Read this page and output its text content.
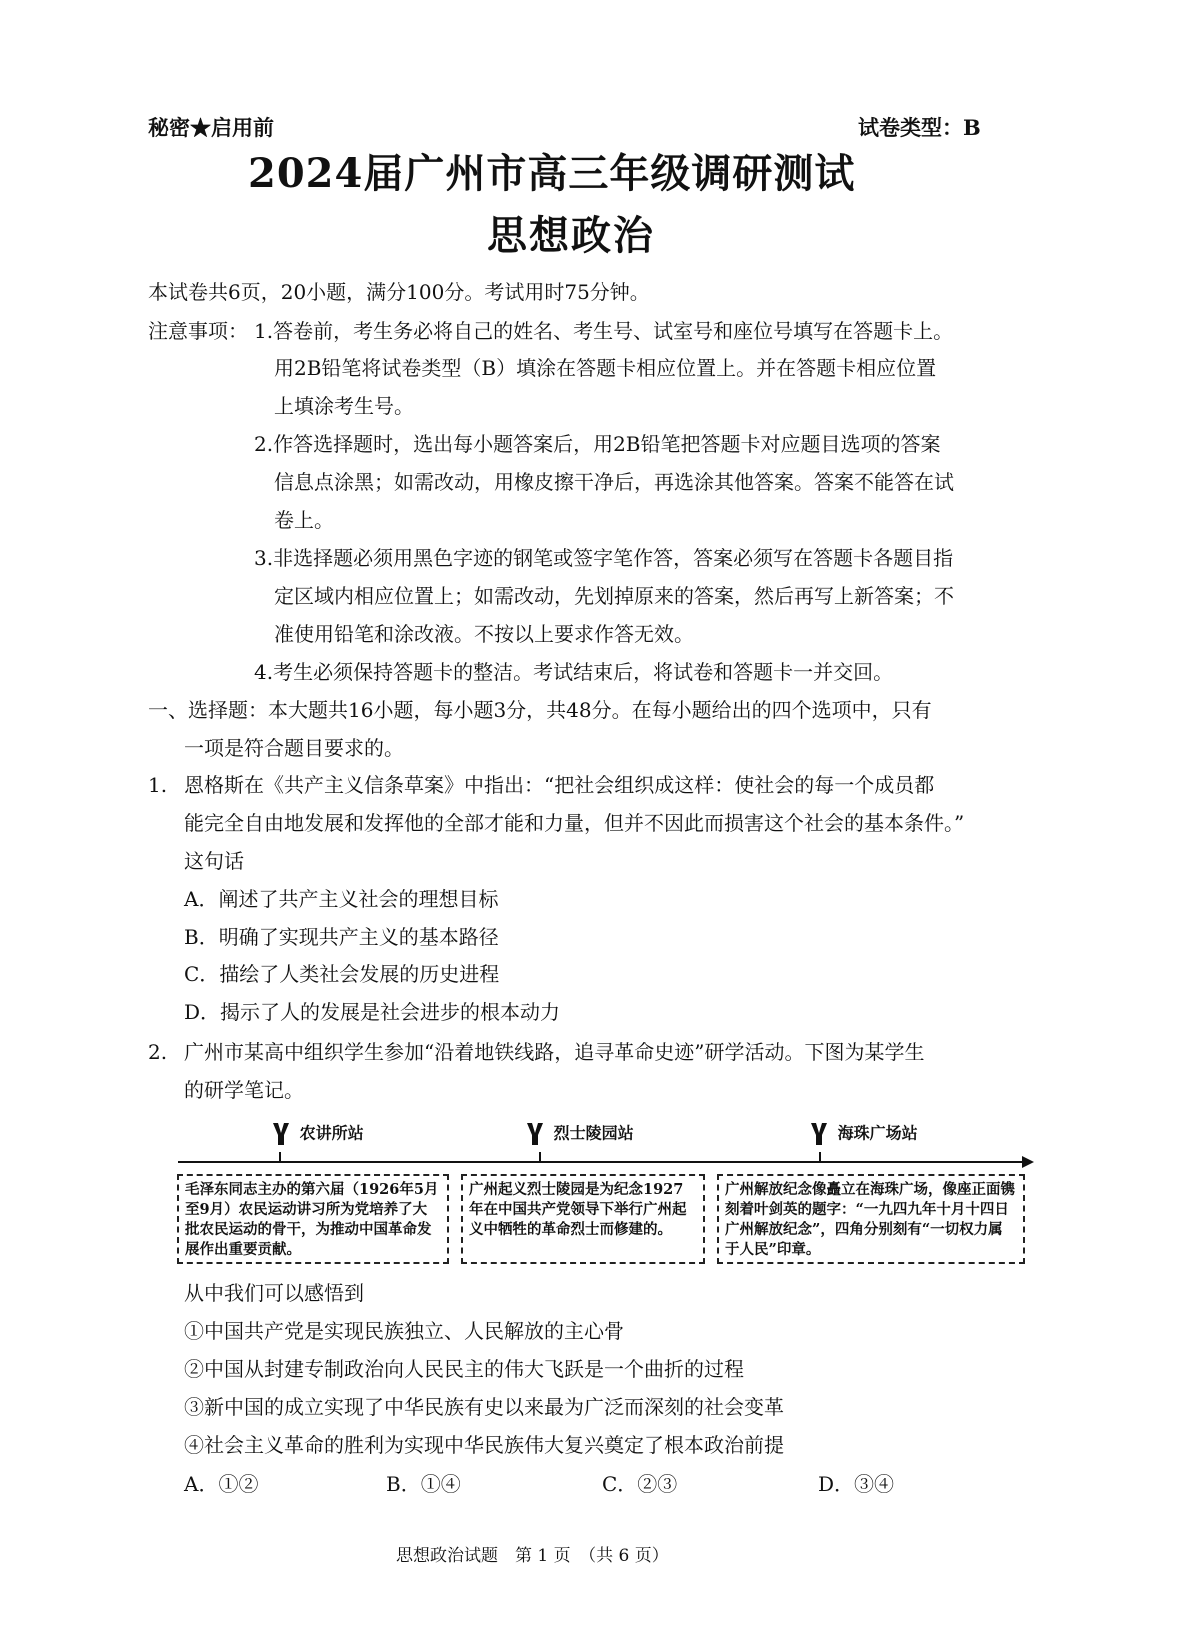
秘密★启用前	试卷类型：B
2024届广州市高三年级调研测试
思想政治
本试卷共6页，20小题，满分100分。考试用时75分钟。
注意事项： 1.答卷前，考生务必将自己的姓名、考生号、试室号和座位号填写在答题卡上。
用2B铅笔将试卷类型（B）填涂在答题卡相应位置上。并在答题卡相应位置
上填涂考生号。
2.作答选择题时，选出每小题答案后，用2B铅笔把答题卡对应题目选项的答案
信息点涂黑；如需改动，用橡皮擦干净后，再选涂其他答案。答案不能答在试
卷上。
3.非选择题必须用黑色字迹的钢笔或签字笔作答，答案必须写在答题卡各题目指
定区域内相应位置上；如需改动，先划掉原来的答案，然后再写上新答案；不
准使用铅笔和涂改液。不按以上要求作答无效。
4.考生必须保持答题卡的整洁。考试结束后，将试卷和答题卡一并交回。
一、选择题：本大题共16小题，每小题3分，共48分。在每小题给出的四个选项中，只有
一项是符合题目要求的。
1. 恩格斯在《共产主义信条草案》中指出：“把社会组织成这样：使社会的每一个成员都
能完全自由地发展和发挥他的全部才能和力量，但并不因此而损害这个社会的基本条件。”
这句话
A．阐述了共产主义社会的理想目标
B．明确了实现共产主义的基本路径
C．描绘了人类社会发展的历史进程
D．揭示了人的发展是社会进步的根本动力
2. 广州市某高中组织学生参加“沿着地铁线路，追寻革命史迹”研学活动。下图为某学生
的研学笔记。
农讲所站	烈士陵园站	海珠广场站
毛泽东同志主办的第六届（1926年5月至9月）农民运动讲习所为党培养了大批农民运动的骨干，为推动中国革命发展作出重要贡献。
广州起义烈士陵园是为纪念1927年在中国共产党领导下举行广州起义中牺牲的革命烈士而修建的。
广州解放纪念像矗立在海珠广场，像座正面镌刻着叶剑英的题字：“一九四九年十月十四日 广州解放纪念”，四角分别刻有“一切权力属于人民”印章。
从中我们可以感悟到
①中国共产党是实现民族独立、人民解放的主心骨
②中国从封建专制政治向人民民主的伟大飞跃是一个曲折的过程
③新中国的成立实现了中华民族有史以来最为广泛而深刻的社会变革
④社会主义革命的胜利为实现中华民族伟大复兴奠定了根本政治前提
A．①②	B．①④	C．②③	D．③④
思想政治试题　第 1 页　（共 6 页）
